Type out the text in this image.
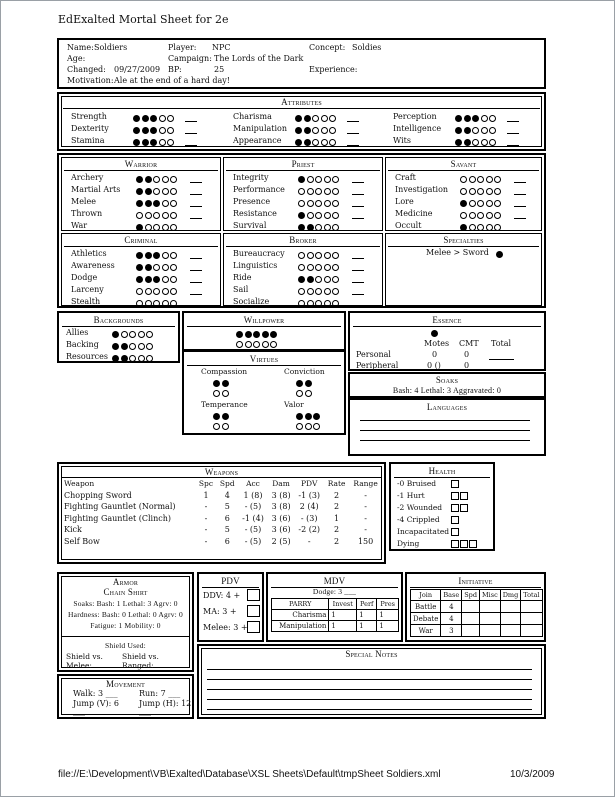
EdExalted Mortal Sheet for 2e
Name: Soldiers	Player: NPC	Concept: Soldies
Age:	Campaign: The Lords of the Dark
Changed: 09/27/2009 BP:	25	Experience:
Motivation: Ale at the end of a hard day!
Attributes
Strength
Dexterity
Stamina
Charisma
Manipulation
Appearance
Perception
Intelligence
Wits
Warrior
Archery
Martial Arts
Melee
Thrown
War
Priest
Integrity
Performance
Presence
Resistance
Survival
Savant
Craft
Investigation
Lore
Medicine
Occult
Criminal
Athletics
Awareness
Dodge
Larceny
Stealth
Broker
Bureaucracy
Linguistics
Ride
Sail
Socialize
Specialties
Melee > Sword
Backgrounds
Allies
Backing
Resources
Willpower
Virtues
Compassion	Conviction
Temperance	Valor
Essence
Motes CMT Total
Personal	0	0
Peripheral	0 ()	0
Soaks
Bash: 4 Lethal: 3 Aggravated: 0
Languages
Weapons
Weapon	Spc	Spd	Acc	Dam	PDV	Rate	Range
Chopping Sword	1	4	1 (8)	3 (8)	-1 (3)	2	-
Fighting Gauntlet (Normal)	-	5	- (5)	3 (8)	2 (4)	2	-
Fighting Gauntlet (Clinch)	-	6	-1 (4)	3 (6)	- (3)	1	-
Kick	-	5	- (5)	3 (6)	-2 (2)	2	-
Self Bow	-	6	- (5)	2 (5)	-	2	150
Health
-0 Bruised
-1 Hurt
-2 Wounded
-4 Crippled
Incapacitated
Dying
Armor
Chain Shirt
Soaks: Bash: 1 Lethal: 3 Agrv: 0
Hardness: Bash: 0 Lethal: 0 Agrv: 0
Fatigue: 1 Mobility: 0
Shield Used:
Shield vs. Melee:
Shield vs. Ranged:
Movement
Walk: 3 ___	Run: 7 ___
Jump (V): 6 ___
Jump (H): 12 ___
PDV
DDV: 4 +
MA: 3 +
Melee: 3 +
MDV
Dodge: 3 ___
PARRY	Invest	Perf	Pres
Charisma	1	1	1
Manipulation	1	1	1
Initiative
Join	Base	Spd	Misc	Dmg	Total
Battle	4				
Debate	4				
War	3				
Special Notes
file://E:\Development\VB\Exalted\Database\XSL Sheets\Default\tmpSheet Soldiers.xml	10/3/2009
